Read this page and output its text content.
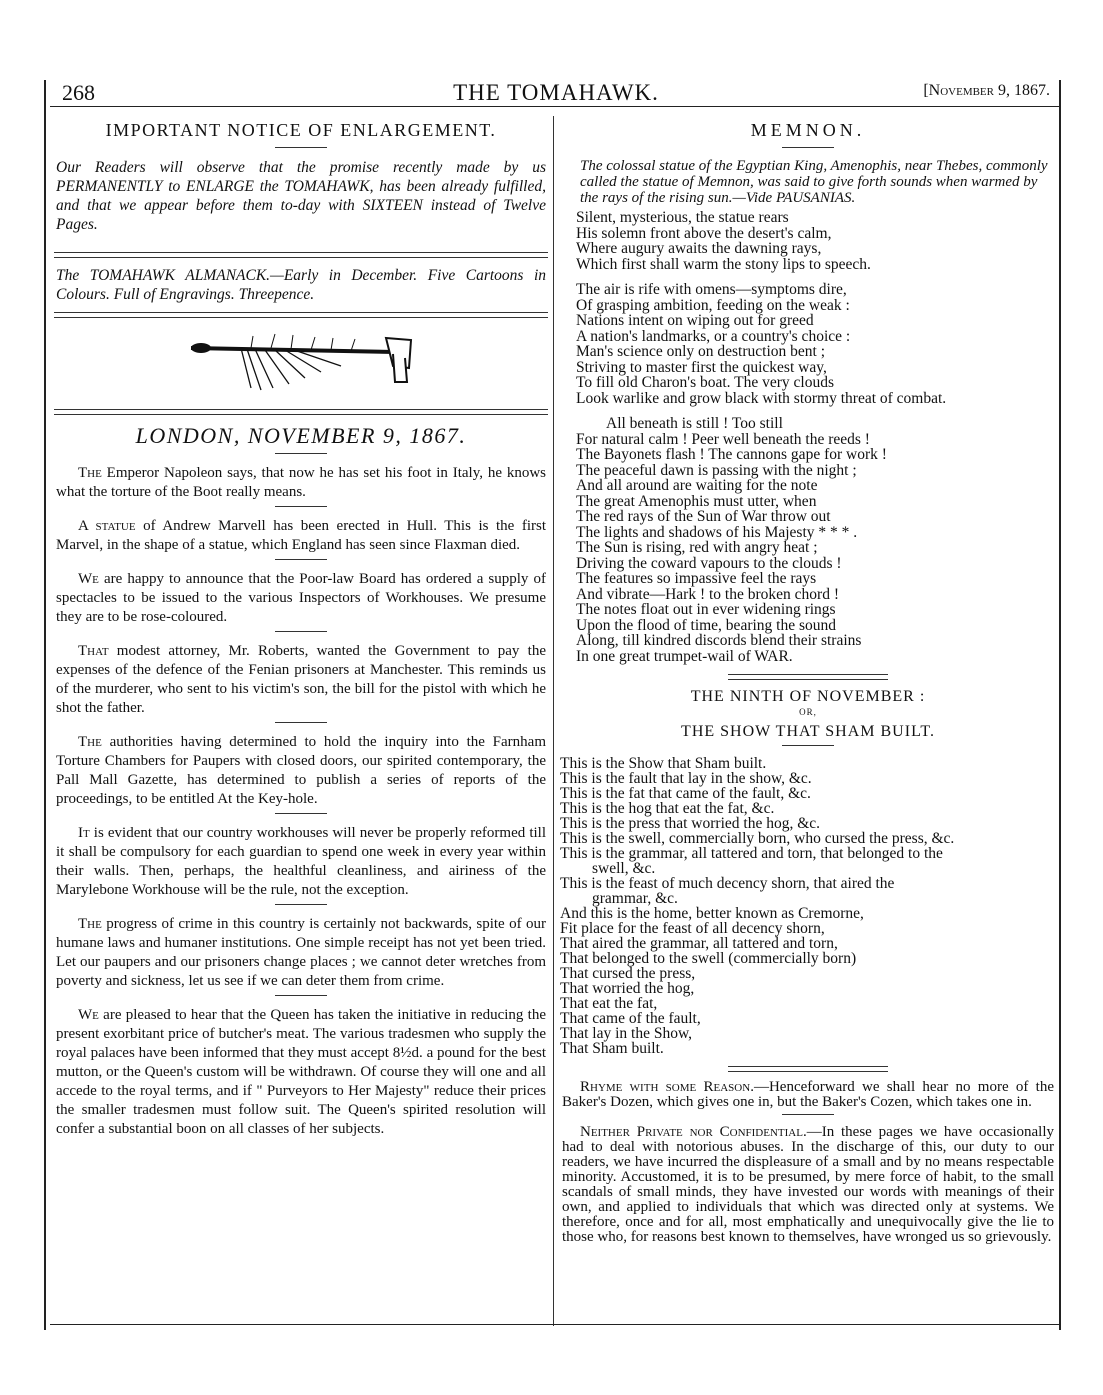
268	THE TOMAHAWK.	[November 9, 1867.
IMPORTANT NOTICE OF ENLARGEMENT.
Our Readers will observe that the promise recently made by us PERMANENTLY to ENLARGE the TOMAHAWK, has been already fulfilled, and that we appear before them to-day with SIXTEEN instead of Twelve Pages.
The TOMAHAWK ALMANACK.—Early in December. Five Cartoons in Colours. Full of Engravings. Threepence.
LONDON, NOVEMBER 9, 1867.
The Emperor Napoleon says, that now he has set his foot in Italy, he knows what the torture of the Boot really means.
A statue of Andrew Marvell has been erected in Hull. This is the first Marvel, in the shape of a statue, which England has seen since Flaxman died.
We are happy to announce that the Poor-law Board has ordered a supply of spectacles to be issued to the various Inspectors of Workhouses. We presume they are to be rose-coloured.
That modest attorney, Mr. Roberts, wanted the Government to pay the expenses of the defence of the Fenian prisoners at Manchester. This reminds us of the murderer, who sent to his victim's son, the bill for the pistol with which he shot the father.
The authorities having determined to hold the inquiry into the Farnham Torture Chambers for Paupers with closed doors, our spirited contemporary, the Pall Mall Gazette, has determined to publish a series of reports of the proceedings, to be entitled At the Key-hole.
It is evident that our country workhouses will never be properly reformed till it shall be compulsory for each guardian to spend one week in every year within their walls. Then, perhaps, the healthful cleanliness, and airiness of the Marylebone Workhouse will be the rule, not the exception.
The progress of crime in this country is certainly not backwards, spite of our humane laws and humaner institutions. One simple receipt has not yet been tried. Let our paupers and our prisoners change places ; we cannot deter wretches from poverty and sickness, let us see if we can deter them from crime.
We are pleased to hear that the Queen has taken the initiative in reducing the present exorbitant price of butcher's meat. The various tradesmen who supply the royal palaces have been informed that they must accept 8½d. a pound for the best mutton, or the Queen's custom will be withdrawn. Of course they will one and all accede to the royal terms, and if " Purveyors to Her Majesty" reduce their prices the smaller tradesmen must follow suit. The Queen's spirited resolution will confer a substantial boon on all classes of her subjects.
MEMNON.
The colossal statue of the Egyptian King, Amenophis, near Thebes, commonly called the statue of Memnon, was said to give forth sounds when warmed by the rays of the rising sun.—Vide PAUSANIAS.
Silent, mysterious, the statue rears
His solemn front above the desert's calm,
Where augury awaits the dawning rays,
Which first shall warm the stony lips to speech.
The air is rife with omens—symptoms dire,
Of grasping ambition, feeding on the weak :
Nations intent on wiping out for greed
A nation's landmarks, or a country's choice :
Man's science only on destruction bent ;
Striving to master first the quickest way,
To fill old Charon's boat. The very clouds
Look warlike and grow black with stormy threat of combat.
All beneath is still ! Too still
For natural calm ! Peer well beneath the reeds !
The Bayonets flash ! The cannons gape for work !
The peaceful dawn is passing with the night ;
And all around are waiting for the note
The great Amenophis must utter, when
The red rays of the Sun of War throw out
The lights and shadows of his Majesty * * * .
The Sun is rising, red with angry heat ;
Driving the coward vapours to the clouds !
The features so impassive feel the rays
And vibrate—Hark ! to the broken chord !
The notes float out in ever widening rings
Upon the flood of time, bearing the sound
Along, till kindred discords blend their strains
In one great trumpet-wail of WAR.
THE NINTH OF NOVEMBER :
OR,
THE SHOW THAT SHAM BUILT.
This is the Show that Sham built.
This is the fault that lay in the show, &c.
This is the fat that came of the fault, &c.
This is the hog that eat the fat, &c.
This is the press that worried the hog, &c.
This is the swell, commercially born, who cursed the press, &c.
This is the grammar, all tattered and torn, that belonged to the
swell, &c.
This is the feast of much decency shorn, that aired the
grammar, &c.
And this is the home, better known as Cremorne,
Fit place for the feast of all decency shorn,
That aired the grammar, all tattered and torn,
That belonged to the swell (commercially born)
That cursed the press,
That worried the hog,
That eat the fat,
That came of the fault,
That lay in the Show,
That Sham built.
Rhyme with some Reason.—Henceforward we shall hear no more of the Baker's Dozen, which gives one in, but the Baker's Cozen, which takes one in.
Neither Private nor Confidential.—In these pages we have occasionally had to deal with notorious abuses. In the discharge of this, our duty to our readers, we have incurred the displeasure of a small and by no means respectable minority. Accustomed, it is to be presumed, by mere force of habit, to the small scandals of small minds, they have invested our words with meanings of their own, and applied to individuals that which was directed only at systems. We therefore, once and for all, most emphatically and unequivocally give the lie to those who, for reasons best known to themselves, have wronged us so grievously.
